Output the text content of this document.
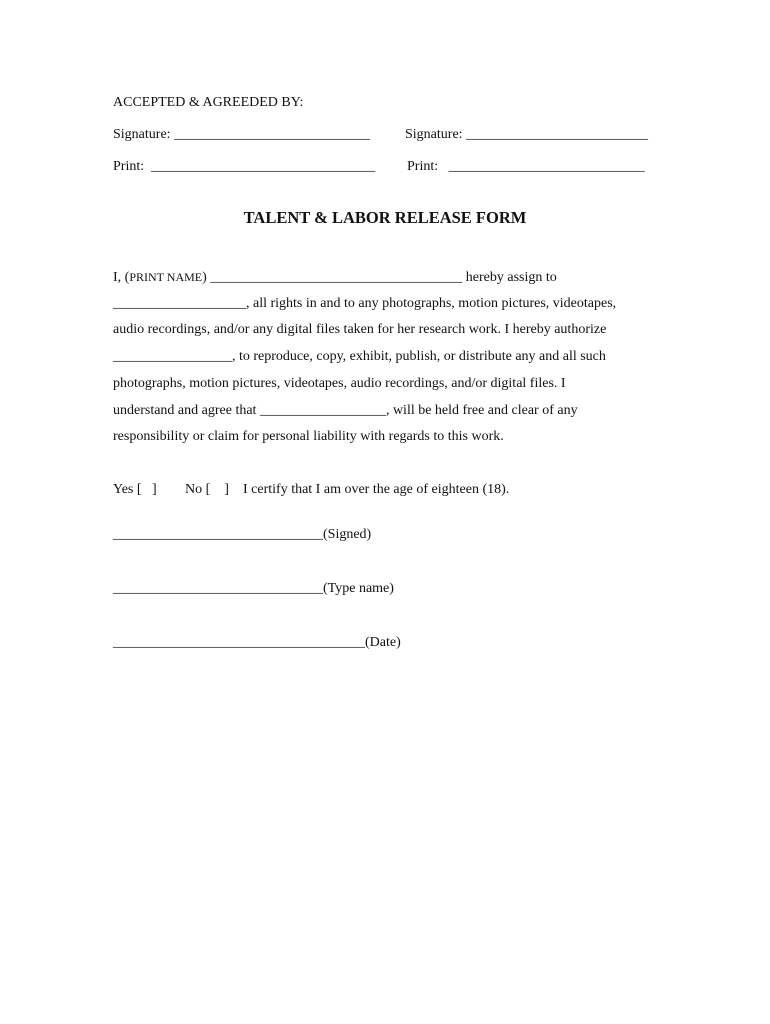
ACCEPTED & AGREEDED BY:
Signature: ____________________________ Signature: __________________________
Print:  ________________________________ Print:   ____________________________
TALENT & LABOR RELEASE FORM
I, (PRINT NAME) ____________________________________ hereby assign to
___________________, all rights in and to any photographs, motion pictures, videotapes,
audio recordings, and/or any digital files taken for her research work. I hereby authorize
_________________, to reproduce, copy, exhibit, publish, or distribute any and all such
photographs, motion pictures, videotapes, audio recordings, and/or digital files. I
understand and agree that __________________, will be held free and clear of any
responsibility or claim for personal liability with regards to this work.
Yes [   ] No [    ] I certify that I am over the age of eighteen (18).
______________________________(Signed)
______________________________(Type name)
____________________________________(Date)
